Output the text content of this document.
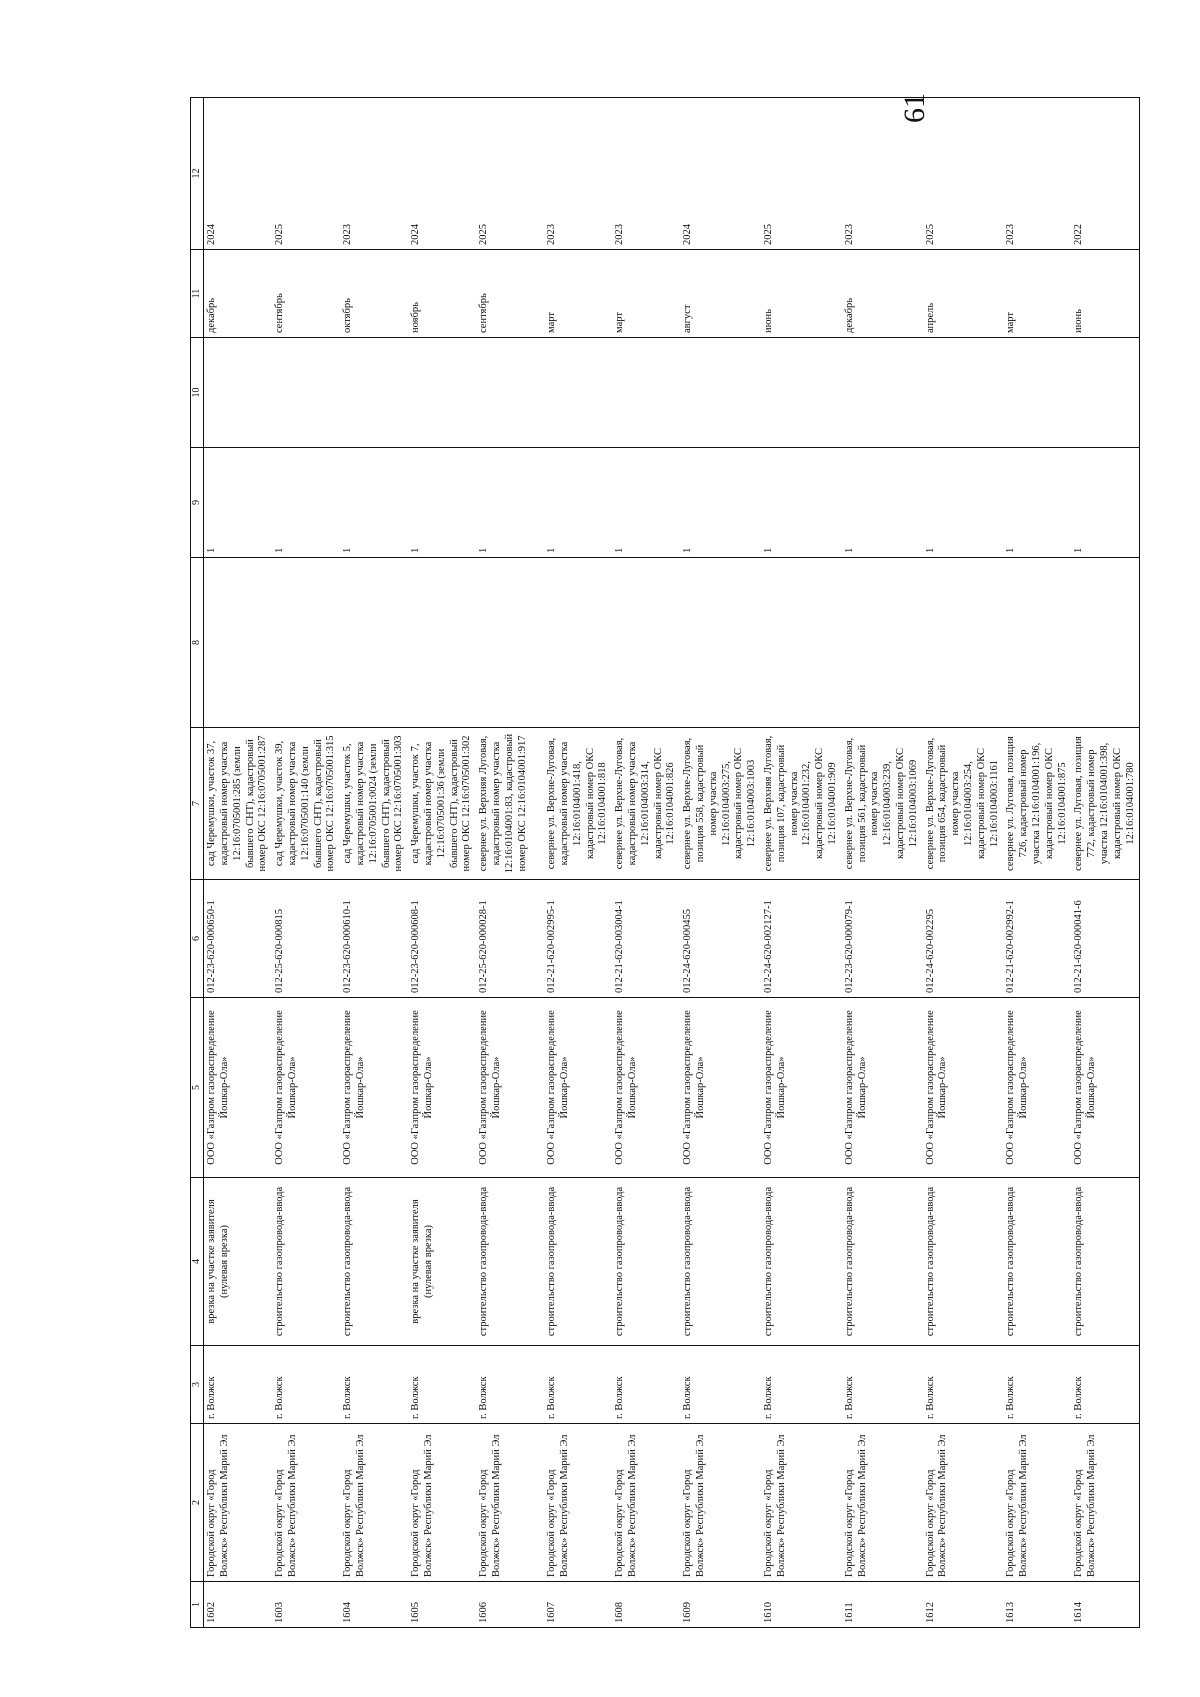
61
1	2	3	4	5	6	7	8	9	10	11	12
1602	Городской округ «Город Волжск» Республики Марий Эл	г. Волжск	врезка на участке заявителя (нулевая врезка)	ООО «Газпром газораспределение Йошкар-Ола»	012-23-620-000650-1	сад Черемушки, участок 37, кадастровый номер участка 12:16:0705001:285 (земли бывшего СНТ), кадастровый номер ОКС 12:16:0705001:287		1		декабрь	2024
1603	Городской округ «Город Волжск» Республики Марий Эл	г. Волжск	строительство газопровода-ввода	ООО «Газпром газораспределение Йошкар-Ола»	012-25-620-000815	сад Черемушки, участок 39, кадастровый номер участка 12:16:0705001:140 (земли бывшего СНТ), кадастровый номер ОКС 12:16:0705001:315		1		сентябрь	2025
1604	Городской округ «Город Волжск» Республики Марий Эл	г. Волжск	строительство газопровода-ввода	ООО «Газпром газораспределение Йошкар-Ола»	012-23-620-000610-1	сад Черемушки, участок 5, кадастровый номер участка 12:16:0705001:0024 (земли бывшего СНТ), кадастровый номер ОКС 12:16:0705001:303		1		октябрь	2023
1605	Городской округ «Город Волжск» Республики Марий Эл	г. Волжск	врезка на участке заявителя (нулевая врезка)	ООО «Газпром газораспределение Йошкар-Ола»	012-23-620-000608-1	сад Черемушки, участок 7, кадастровый номер участка 12:16:0705001:36 (земли бывшего СНТ), кадастровый номер ОКС 12:16:0705001:302		1		ноябрь	2024
1606	Городской округ «Город Волжск» Республики Марий Эл	г. Волжск	строительство газопровода-ввода	ООО «Газпром газораспределение Йошкар-Ола»	012-25-620-000028-1	севернее ул. Верхняя Луговая, кадастровый номер участка 12:16:0104001:83, кадастровый номер ОКС 12:16:0104001:917		1		сентябрь	2025
1607	Городской округ «Город Волжск» Республики Марий Эл	г. Волжск	строительство газопровода-ввода	ООО «Газпром газораспределение Йошкар-Ола»	012-21-620-002995-1	севернее ул. Верхне-Луговая, кадастровый номер участка 12:16:0104001:418, кадастровый номер ОКС 12:16:0104001:818		1		март	2023
1608	Городской округ «Город Волжск» Республики Марий Эл	г. Волжск	строительство газопровода-ввода	ООО «Газпром газораспределение Йошкар-Ола»	012-21-620-003004-1	севернее ул. Верхне-Луговая, кадастровый номер участка 12:16:0104003:314, кадастровый номер ОКС 12:16:0104001:826		1		март	2023
1609	Городской округ «Город Волжск» Республики Марий Эл	г. Волжск	строительство газопровода-ввода	ООО «Газпром газораспределение Йошкар-Ола»	012-24-620-000455	севернее ул. Верхне-Луговая, позиция 558, кадастровый номер участка 12:16:0104003:275, кадастровый номер ОКС 12:16:0104003:1003		1		август	2024
1610	Городской округ «Город Волжск» Республики Марий Эл	г. Волжск	строительство газопровода-ввода	ООО «Газпром газораспределение Йошкар-Ола»	012-24-620-002127-1	севернее ул. Верхняя Луговая, позиция 107, кадастровый номер участка 12:16:0104001:232, кадастровый номер ОКС 12:16:0104001:909		1		июнь	2025
1611	Городской округ «Город Волжск» Республики Марий Эл	г. Волжск	строительство газопровода-ввода	ООО «Газпром газораспределение Йошкар-Ола»	012-23-620-000079-1	севернее ул. Верхне-Луговая, позиция 561, кадастровый номер участка 12:16:0104003:239, кадастровый номер ОКС 12:16:0104003:1069		1		декабрь	2023
1612	Городской округ «Город Волжск» Республики Марий Эл	г. Волжск	строительство газопровода-ввода	ООО «Газпром газораспределение Йошкар-Ола»	012-24-620-002295	севернее ул. Верхне-Луговая, позиция 654, кадастровый номер участка 12:16:0104003:254, кадастровый номер ОКС 12:16:0104003:1161		1		апрель	2025
1613	Городской округ «Город Волжск» Республики Марий Эл	г. Волжск	строительство газопровода-ввода	ООО «Газпром газораспределение Йошкар-Ола»	012-21-620-002992-1	севернее ул. Луговая, позиция 726, кадастровый номер участка 12:16:0104001:196, кадастровый номер ОКС 12:16:0104001:875		1		март	2023
1614	Городской округ «Город Волжск» Республики Марий Эл	г. Волжск	строительство газопровода-ввода	ООО «Газпром газораспределение Йошкар-Ола»	012-21-620-000041-6	севернее ул. Луговая, позиция 772, кадастровый номер участка 12:16:0104001:398, кадастровый номер ОКС 12:16:0104001:780		1		июнь	2022
